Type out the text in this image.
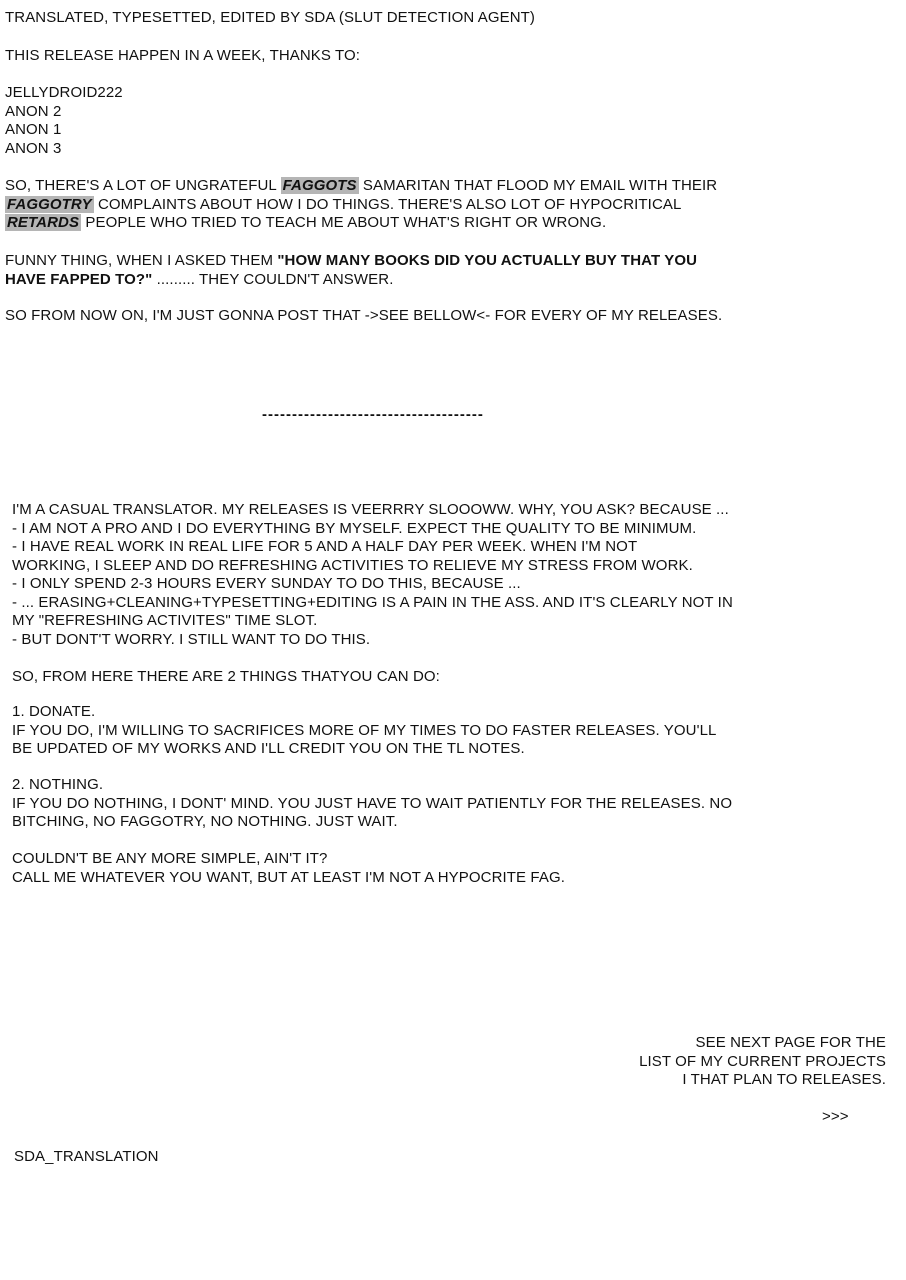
TRANSLATED, TYPESETTED, EDITED BY SDA (SLUT DETECTION AGENT)
THIS RELEASE HAPPEN IN A WEEK, THANKS TO:
JELLYDROID222
ANON 2
ANON 1
ANON 3
SO, THERE'S A LOT OF UNGRATEFUL FAGGOTS SAMARITAN THAT FLOOD MY EMAIL WITH THEIR
FAGGOTRY COMPLAINTS ABOUT HOW I DO THINGS. THERE'S ALSO LOT OF HYPOCRITICAL
RETARDS PEOPLE WHO TRIED TO TEACH ME ABOUT WHAT'S RIGHT OR WRONG.
FUNNY THING, WHEN I ASKED THEM "HOW MANY BOOKS DID YOU ACTUALLY BUY THAT YOU
HAVE FAPPED TO?" ......... THEY COULDN'T ANSWER.
SO FROM NOW ON, I'M JUST GONNA POST THAT ->SEE BELLOW<- FOR EVERY OF MY RELEASES.
-------------------------------------
I'M A CASUAL TRANSLATOR. MY RELEASES IS VEERRRY SLOOOWW. WHY, YOU ASK? BECAUSE ...
- I AM NOT A PRO AND I DO EVERYTHING BY MYSELF. EXPECT THE QUALITY TO BE MINIMUM.
- I HAVE REAL WORK IN REAL LIFE FOR 5 AND A HALF DAY PER WEEK. WHEN I'M NOT
WORKING, I SLEEP AND DO REFRESHING ACTIVITIES TO RELIEVE MY STRESS FROM WORK.
- I ONLY SPEND 2-3 HOURS EVERY SUNDAY TO DO THIS, BECAUSE ...
- ... ERASING+CLEANING+TYPESETTING+EDITING IS A PAIN IN THE ASS. AND IT'S CLEARLY NOT IN
MY "REFRESHING ACTIVITES" TIME SLOT.
- BUT DONT'T WORRY. I STILL WANT TO DO THIS.
SO, FROM HERE THERE ARE 2 THINGS THATYOU CAN DO:
1. DONATE.
IF YOU DO, I'M WILLING TO SACRIFICES MORE OF MY TIMES TO DO FASTER RELEASES. YOU'LL
BE UPDATED OF MY WORKS AND I'LL CREDIT YOU ON THE TL NOTES.
2. NOTHING.
IF YOU DO NOTHING, I DONT' MIND. YOU JUST HAVE TO WAIT PATIENTLY FOR THE RELEASES. NO
BITCHING, NO FAGGOTRY, NO NOTHING. JUST WAIT.
COULDN'T BE ANY MORE SIMPLE, AIN'T IT?
CALL ME WHATEVER YOU WANT, BUT AT LEAST I'M NOT A HYPOCRITE FAG.
SEE NEXT PAGE FOR THE
LIST OF MY CURRENT PROJECTS
I THAT PLAN TO RELEASES.
>>>
SDA_TRANSLATION
